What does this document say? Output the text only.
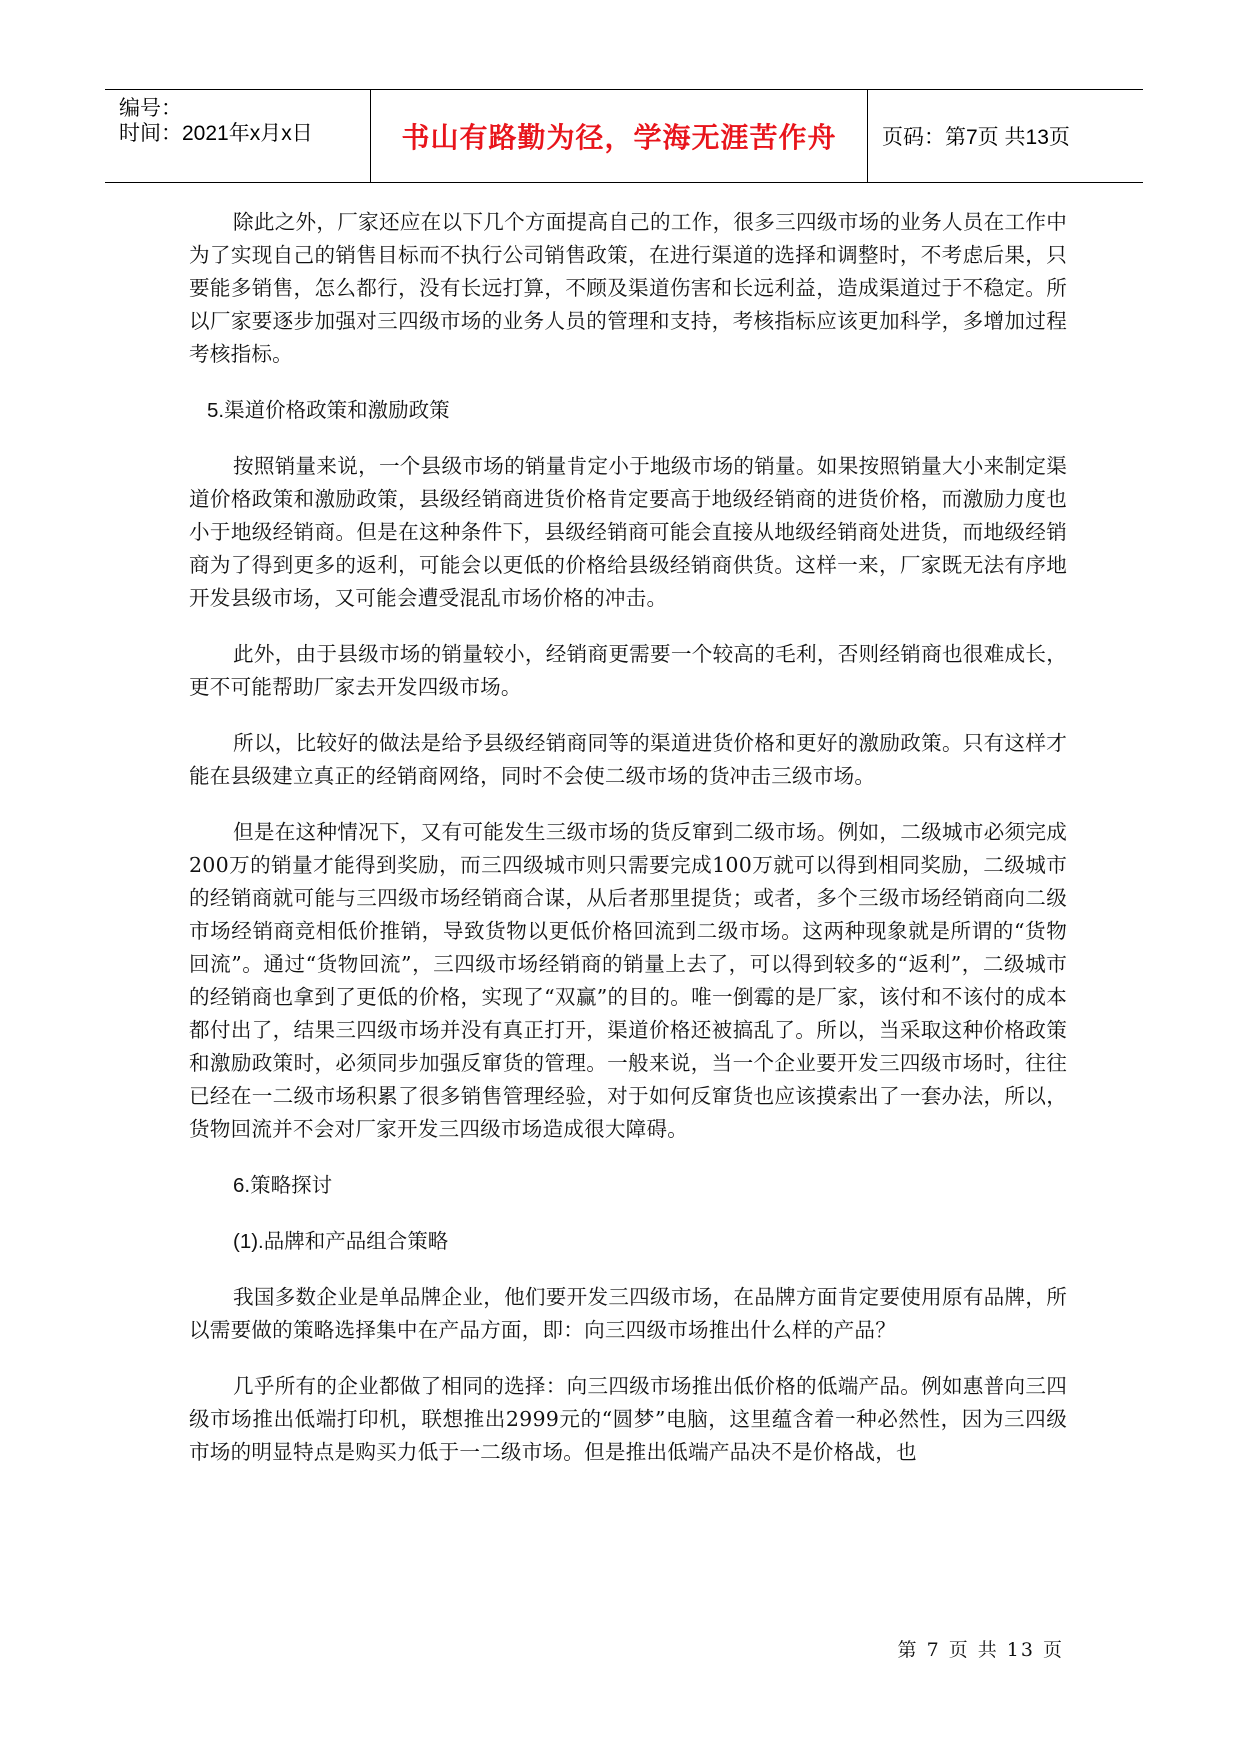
编号：
时间：2021年x月x日	书山有路勤为径，学海无涯苦作舟 页码：第7页 共13页

除此之外，厂家还应在以下几个方面提高自己的工作，很多三四级市场的业务人员在工作中为了实现自己的销售目标而不执行公司销售政策，在进行渠道的选择和调整时，不考虑后果，只要能多销售，怎么都行，没有长远打算，不顾及渠道伤害和长远利益，造成渠道过于不稳定。所以厂家要逐步加强对三四级市场的业务人员的管理和支持，考核指标应该更加科学，多增加过程考核指标。

5.渠道价格政策和激励政策

按照销量来说，一个县级市场的销量肯定小于地级市场的销量。如果按照销量大小来制定渠道价格政策和激励政策，县级经销商进货价格肯定要高于地级经销商的进货价格，而激励力度也小于地级经销商。但是在这种条件下，县级经销商可能会直接从地级经销商处进货，而地级经销商为了得到更多的返利，可能会以更低的价格给县级经销商供货。这样一来，厂家既无法有序地开发县级市场，又可能会遭受混乱市场价格的冲击。

此外，由于县级市场的销量较小，经销商更需要一个较高的毛利，否则经销商也很难成长，更不可能帮助厂家去开发四级市场。

所以，比较好的做法是给予县级经销商同等的渠道进货价格和更好的激励政策。只有这样才能在县级建立真正的经销商网络，同时不会使二级市场的货冲击三级市场。

但是在这种情况下，又有可能发生三级市场的货反窜到二级市场。例如，二级城市必须完成200万的销量才能得到奖励，而三四级城市则只需要完成100万就可以得到相同奖励，二级城市的经销商就可能与三四级市场经销商合谋，从后者那里提货；或者，多个三级市场经销商向二级市场经销商竞相低价推销，导致货物以更低价格回流到二级市场。这两种现象就是所谓的“货物回流”。通过“货物回流”，三四级市场经销商的销量上去了，可以得到较多的“返利”，二级城市的经销商也拿到了更低的价格，实现了“双赢”的目的。唯一倒霉的是厂家，该付和不该付的成本都付出了，结果三四级市场并没有真正打开，渠道价格还被搞乱了。所以，当采取这种价格政策和激励政策时，必须同步加强反窜货的管理。一般来说，当一个企业要开发三四级市场时，往往已经在一二级市场积累了很多销售管理经验，对于如何反窜货也应该摸索出了一套办法，所以，货物回流并不会对厂家开发三四级市场造成很大障碍。

6.策略探讨

(1).品牌和产品组合策略

我国多数企业是单品牌企业，他们要开发三四级市场，在品牌方面肯定要使用原有品牌，所以需要做的策略选择集中在产品方面，即：向三四级市场推出什么样的产品？

几乎所有的企业都做了相同的选择：向三四级市场推出低价格的低端产品。例如惠普向三四级市场推出低端打印机，联想推出2999元的“圆梦”电脑，这里蕴含着一种必然性，因为三四级市场的明显特点是购买力低于一二级市场。但是推出低端产品决不是价格战，也

第 7 页 共 13 页
